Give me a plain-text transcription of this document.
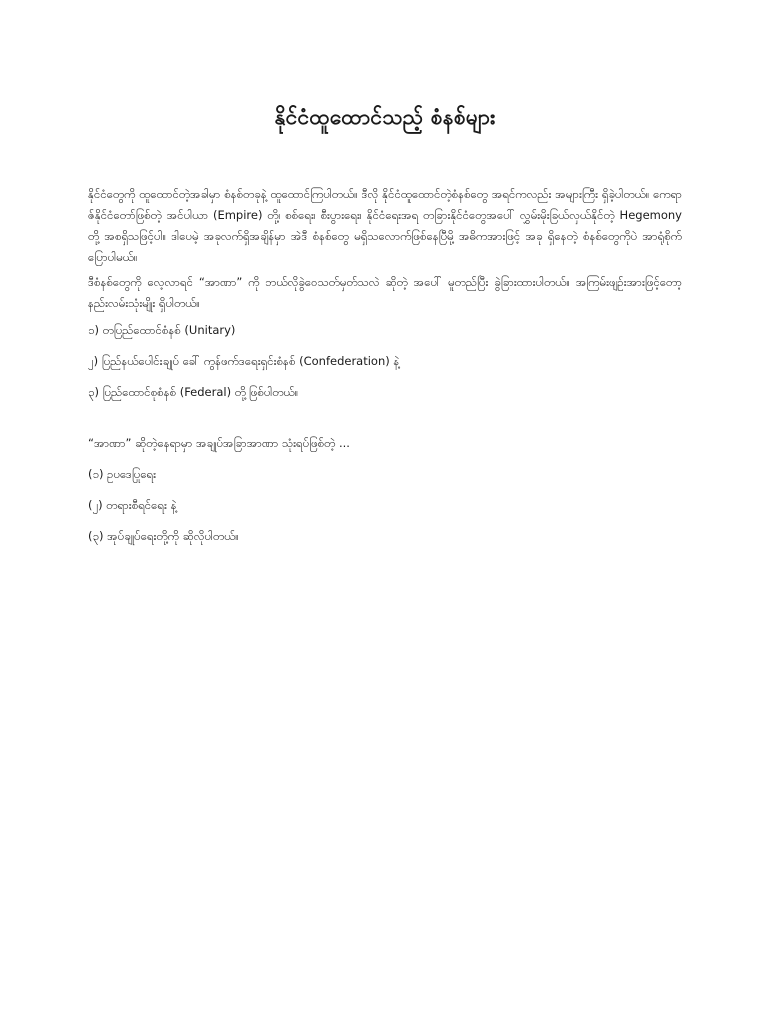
နိုင်ငံထူထောင်သည့် စံနစ်များ

နိုင်ငံတွေကို ထူထောင်တဲ့အခါမှာ စံနစ်တခုနဲ့ ထူထောင်ကြပါတယ်။ ဒီလို နိုင်ငံထူထောင်တဲ့စံနစ်တွေ အရင်ကလည်း အများကြီး ရှိခဲ့ပါတယ်။ ကေရာဇ်နိုင်ငံတော်ဖြစ်တဲ့ အင်ပါယာ (Empire) တို့၊ စစ်ရေး၊ စီးပွားရေး၊ နိုင်ငံရေးအရ တခြားနိုင်ငံတွေအပေါ် လွှမ်းမိုးခြယ်လှယ်နိုင်တဲ့ Hegemony တို့ အစရှိသဖြင့်ပါ။ ဒါပေမဲ့ အခုလက်ရှိအချိန်မှာ အဲဒီ စံနစ်တွေ မရှိသလောက်ဖြစ်နေပြီမို့ အဓိကအားဖြင့် အခု ရှိနေတဲ့ စံနစ်တွေကိုပဲ အာရုံစိုက်ပြောပါမယ်။

ဒီစံနစ်တွေကို လေ့လာရင် “အာဏာ” ကို ဘယ်လိုခွဲဝေသတ်မှတ်သလဲ ဆိုတဲ့ အပေါ် မူတည်ပြီး ခွဲခြားထားပါတယ်။ အကြမ်းဖျဉ်းအားဖြင့်တော့ နည်းလမ်းသုံးမျိုး ရှိပါတယ်။

၁) တပြည်ထောင်စံနစ် (Unitary)
၂) ပြည်နယ်ပေါင်းချုပ် ခေါ် ကွန်ဖက်ဒရေးရှင်းစံနစ် (Confederation) နဲ့
၃) ပြည်ထောင်စုစံနစ် (Federal) တို့ဖြစ်ပါတယ်။
“အာဏာ” ဆိုတဲ့နေရာမှာ အချုပ်အခြာအာဏာ သုံးရပ်ဖြစ်တဲ့ ...
(၁) ဥပဒေပြုရေး
(၂) တရားစီရင်ရေး နဲ့
(၃) အုပ်ချုပ်ရေးတို့ကို ဆိုလိုပါတယ်။
